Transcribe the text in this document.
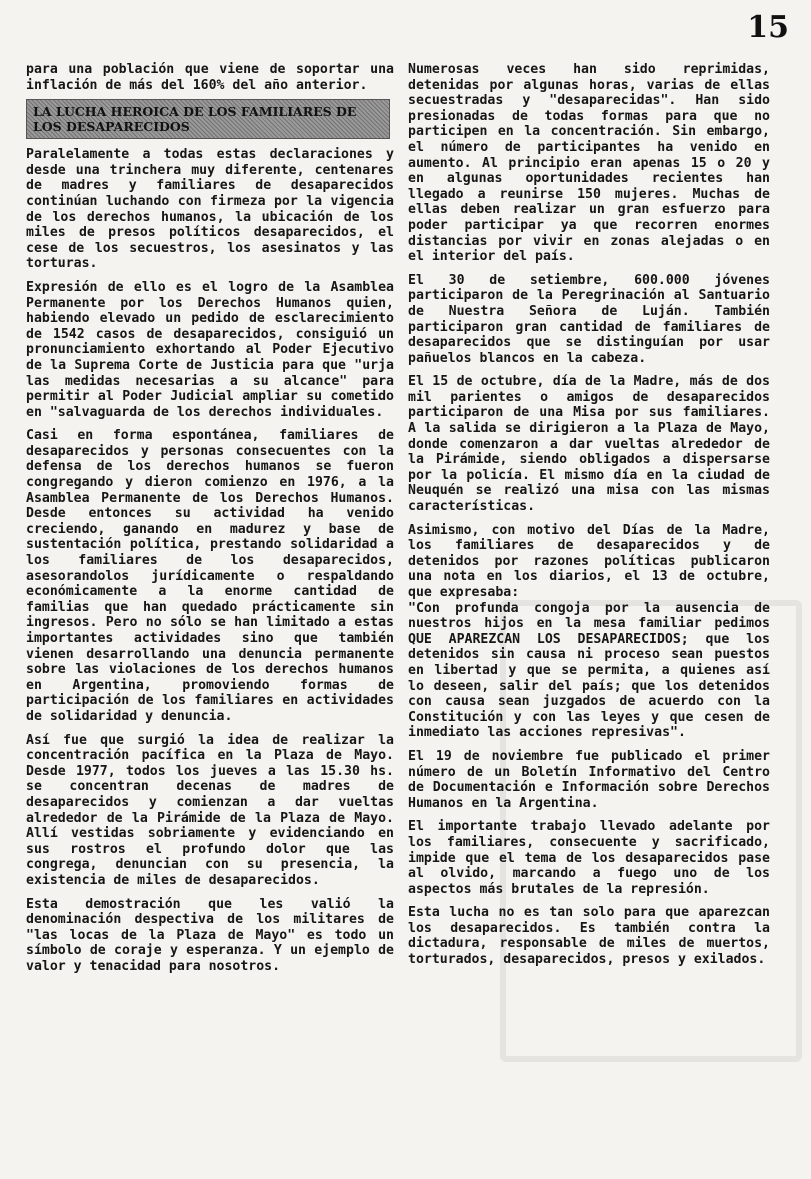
15

para una población que viene de soportar una inflación de más del 160% del año anterior.

LA LUCHA HEROICA DE LOS FAMILIARES DE LOS DESAPARECIDOS

Paralelamente a todas estas declaraciones y desde una trinchera muy diferente, centenares de madres y familiares de desaparecidos continúan luchando con firmeza por la vigencia de los derechos humanos, la ubicación de los miles de presos políticos desaparecidos, el cese de los secuestros, los asesinatos y las torturas.

Expresión de ello es el logro de la Asamblea Permanente por los Derechos Humanos quien, habiendo elevado un pedido de esclarecimiento de 1542 casos de desaparecidos, consiguió un pronunciamiento exhortando al Poder Ejecutivo de la Suprema Corte de Justicia para que "urja las medidas necesarias a su alcance" para permitir al Poder Judicial ampliar su cometido en "salvaguarda de los derechos individuales.

Casi en forma espontánea, familiares de desaparecidos y personas consecuentes con la defensa de los derechos humanos se fueron congregando y dieron comienzo en 1976, a la Asamblea Permanente de los Derechos Humanos. Desde entonces su actividad ha venido creciendo, ganando en madurez y base de sustentación política, prestando solidaridad a los familiares de los desaparecidos, asesorandolos jurídicamente o respaldando económicamente a la enorme cantidad de familias que han quedado prácticamente sin ingresos. Pero no sólo se han limitado a estas importantes actividades sino que también vienen desarrollando una denuncia permanente sobre las violaciones de los derechos humanos en Argentina, promoviendo formas de participación de los familiares en actividades de solidaridad y denuncia.

Así fue que surgió la idea de realizar la concentración pacífica en la Plaza de Mayo. Desde 1977, todos los jueves a las 15.30 hs. se concentran decenas de madres de desaparecidos y comienzan a dar vueltas alrededor de la Pirámide de la Plaza de Mayo. Allí vestidas sobriamente y evidenciando en sus rostros el profundo dolor que las congrega, denuncian con su presencia, la existencia de miles de desaparecidos.

Esta demostración que les valió la denominación despectiva de los militares de "las locas de la Plaza de Mayo" es todo un símbolo de coraje y esperanza. Y un ejemplo de valor y tenacidad para nosotros.

Numerosas veces han sido reprimidas, detenidas por algunas horas, varias de ellas secuestradas y "desaparecidas". Han sido presionadas de todas formas para que no participen en la concentración. Sin embargo, el número de participantes ha venido en aumento. Al principio eran apenas 15 o 20 y en algunas oportunidades recientes han llegado a reunirse 150 mujeres. Muchas de ellas deben realizar un gran esfuerzo para poder participar ya que recorren enormes distancias por vivir en zonas alejadas o en el interior del país.

El 30 de setiembre, 600.000 jóvenes participaron de la Peregrinación al Santuario de Nuestra Señora de Luján. También participaron gran cantidad de familiares de desaparecidos que se distinguían por usar pañuelos blancos en la cabeza.

El 15 de octubre, día de la Madre, más de dos mil parientes o amigos de desaparecidos participaron de una Misa por sus familiares. A la salida se dirigieron a la Plaza de Mayo, donde comenzaron a dar vueltas alrededor de la Pirámide, siendo obligados a dispersarse por la policía. El mismo día en la ciudad de Neuquén se realizó una misa con las mismas características.

Asimismo, con motivo del Días de la Madre, los familiares de desaparecidos y de detenidos por razones políticas publicaron una nota en los diarios, el 13 de octubre, que expresaba:
"Con profunda congoja por la ausencia de nuestros hijos en la mesa familiar pedimos QUE APAREZCAN LOS DESAPARECIDOS; que los detenidos sin causa ni proceso sean puestos en libertad y que se permita, a quienes así lo deseen, salir del país; que los detenidos con causa sean juzgados de acuerdo con la Constitución y con las leyes y que cesen de inmediato las acciones represivas".

El 19 de noviembre fue publicado el primer número de un Boletín Informativo del Centro de Documentación e Información sobre Derechos Humanos en la Argentina.

El importante trabajo llevado adelante por los familiares, consecuente y sacrificado, impide que el tema de los desaparecidos pase al olvido, marcando a fuego uno de los aspectos más brutales de la represión.

Esta lucha no es tan solo para que aparezcan los desaparecidos. Es también contra la dictadura, responsable de miles de muertos, torturados, desaparecidos, presos y exilados.
